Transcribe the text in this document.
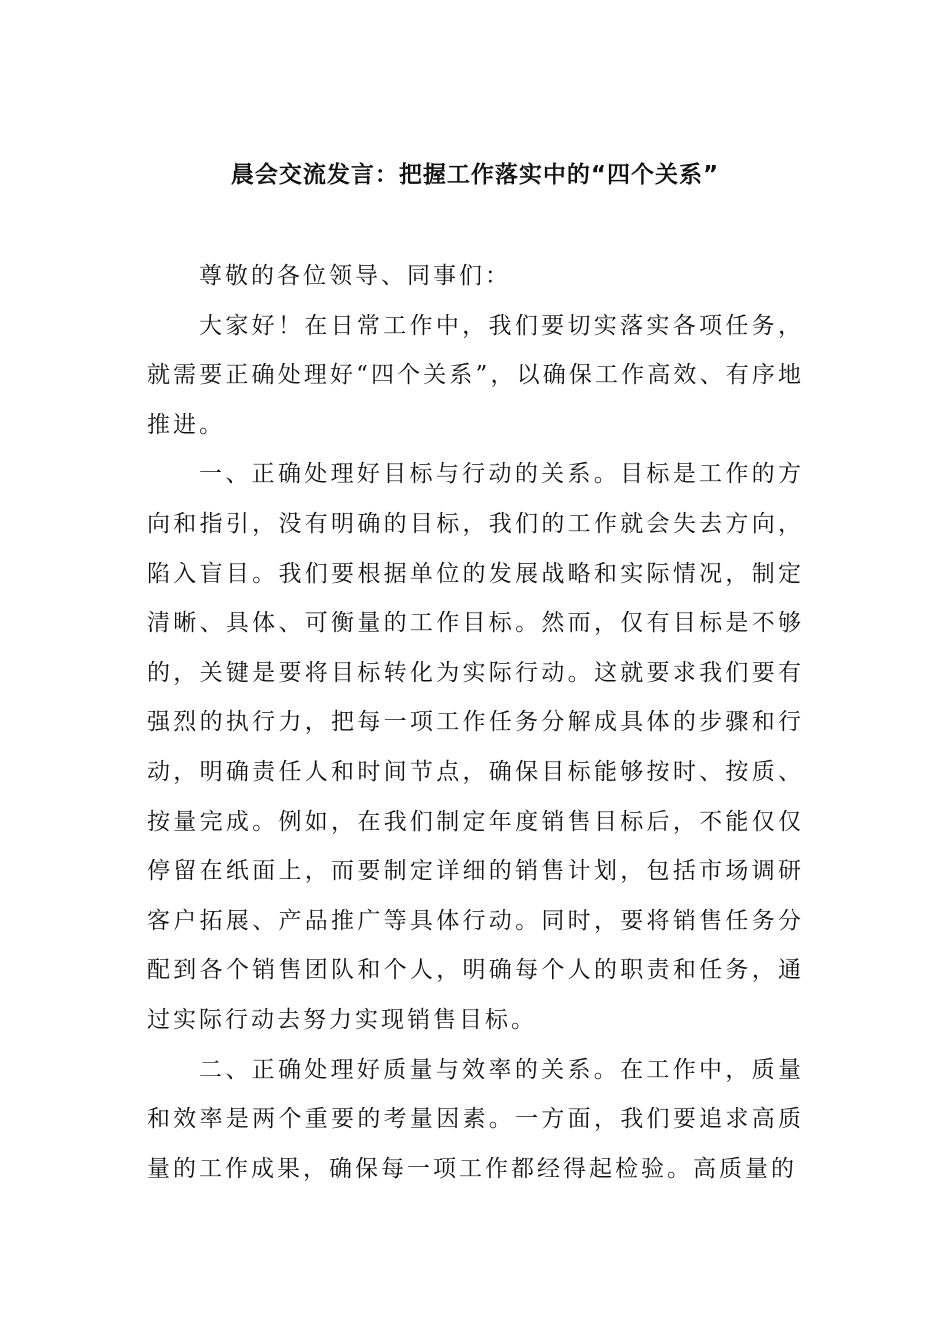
晨会交流发言：把握工作落实中的“四个关系”

尊敬的各位领导、同事们：

大家好！在日常工作中，我们要切实落实各项任务，就需要正确处理好“四个关系”，以确保工作高效、有序地推进。

一、正确处理好目标与行动的关系。目标是工作的方向和指引，没有明确的目标，我们的工作就会失去方向，陷入盲目。我们要根据单位的发展战略和实际情况，制定清晰、具体、可衡量的工作目标。然而，仅有目标是不够的，关键是要将目标转化为实际行动。这就要求我们要有强烈的执行力，把每一项工作任务分解成具体的步骤和行动，明确责任人和时间节点，确保目标能够按时、按质、按量完成。例如，在我们制定年度销售目标后，不能仅仅停留在纸面上，而要制定详细的销售计划，包括市场调研客户拓展、产品推广等具体行动。同时，要将销售任务分配到各个销售团队和个人，明确每个人的职责和任务，通过实际行动去努力实现销售目标。

二、正确处理好质量与效率的关系。在工作中，质量和效率是两个重要的考量因素。一方面，我们要追求高质量的工作成果，确保每一项工作都经得起检验。高质量的
